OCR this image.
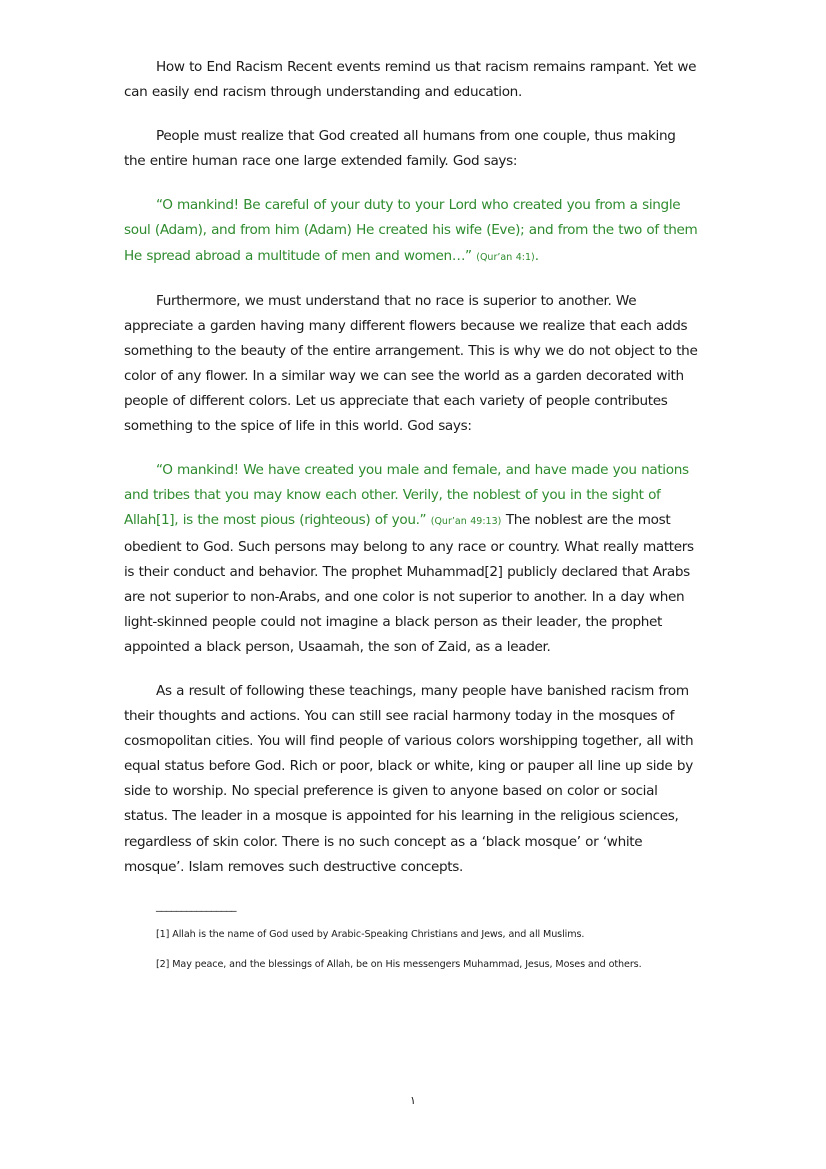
How to End Racism Recent events remind us that racism remains rampant. Yet we can easily end racism through understanding and education.

People must realize that God created all humans from one couple, thus making the entire human race one large extended family. God says:

“O mankind! Be careful of your duty to your Lord who created you from a single soul (Adam), and from him (Adam) He created his wife (Eve); and from the two of them He spread abroad a multitude of men and women…” (Qur’an 4:1).

Furthermore, we must understand that no race is superior to another. We appreciate a garden having many different flowers because we realize that each adds something to the beauty of the entire arrangement. This is why we do not object to the color of any flower. In a similar way we can see the world as a garden decorated with people of different colors. Let us appreciate that each variety of people contributes something to the spice of life in this world. God says:

“O mankind! We have created you male and female, and have made you nations and tribes that you may know each other. Verily, the noblest of you in the sight of Allah[1], is the most pious (righteous) of you.” (Qur’an 49:13) The noblest are the most obedient to God. Such persons may belong to any race or country. What really matters is their conduct and behavior. The prophet Muhammad[2] publicly declared that Arabs are not superior to non-Arabs, and one color is not superior to another. In a day when light-skinned people could not imagine a black person as their leader, the prophet appointed a black person, Usaamah, the son of Zaid, as a leader.

As a result of following these teachings, many people have banished racism from their thoughts and actions. You can still see racial harmony today in the mosques of cosmopolitan cities. You will find people of various colors worshipping together, all with equal status before God. Rich or poor, black or white, king or pauper all line up side by side to worship. No special preference is given to anyone based on color or social status. The leader in a mosque is appointed for his learning in the religious sciences, regardless of skin color. There is no such concept as a ‘black mosque’ or ‘white mosque’. Islam removes such destructive concepts.

________________
[1] Allah is the name of God used by Arabic-Speaking Christians and Jews, and all Muslims.
[2] May peace, and the blessings of Allah, be on His messengers Muhammad, Jesus, Moses and others.
١
